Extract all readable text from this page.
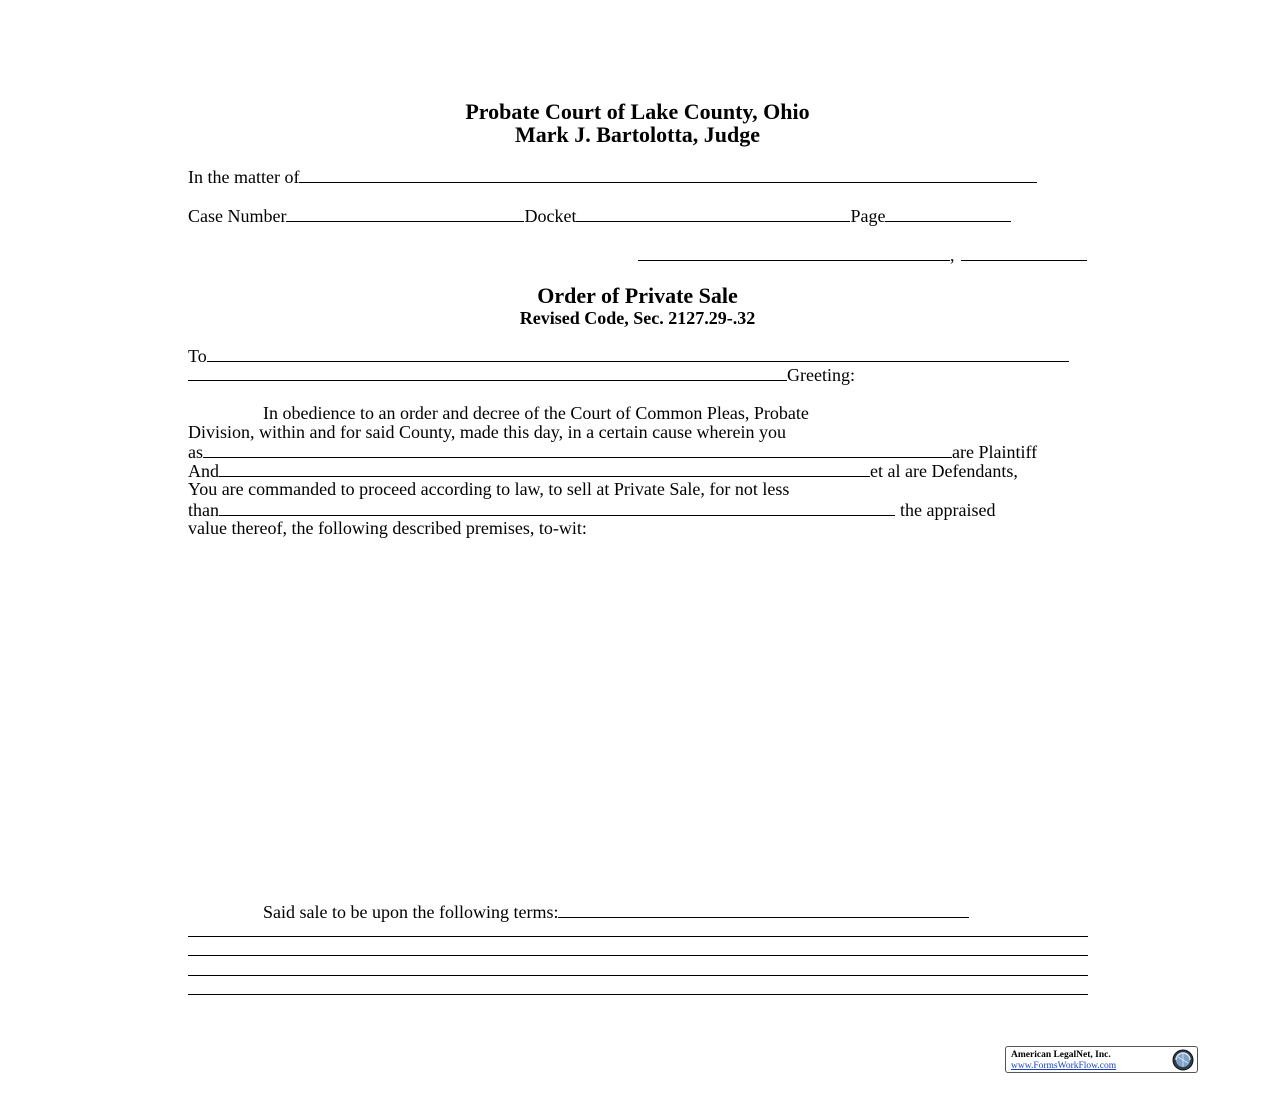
Probate Court of Lake County, Ohio
Mark J. Bartolotta, Judge
In the matter of
Case Number	Docket	Page
,
Order of Private Sale
Revised Code, Sec. 2127.29-.32
To
Greeting:
In obedience to an order and decree of the Court of Common Pleas, Probate
Division, within and for said County, made this day, in a certain cause wherein you
as	are Plaintiff
And	et al are Defendants,
You are commanded to proceed according to law, to sell at Private Sale, for not less
than	the appraised
value thereof, the following described premises, to-wit:
Said sale to be upon the following terms:
American LegalNet, Inc.
www.FormsWorkFlow.com
